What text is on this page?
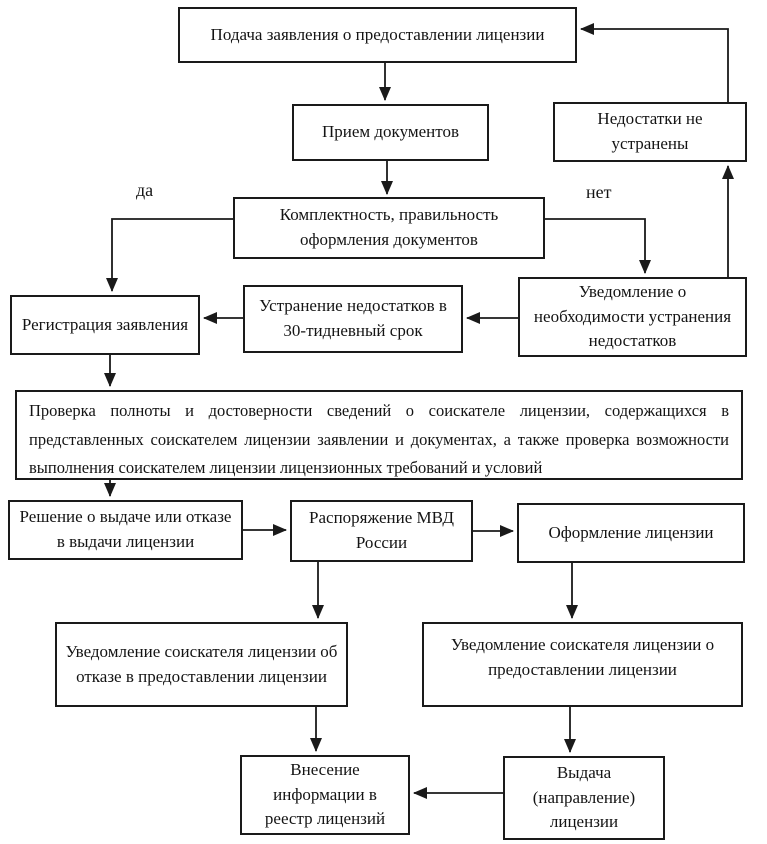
Подача заявления о предоставлении лицензии
Прием документов
Недостатки не устранены
Комплектность, правильность оформления документов
Регистрация заявления
Устранение недостатков в 30-тидневный срок
Уведомление о необходимости устранения недостатков
Проверка полноты и достоверности сведений о соискателе лицензии, содержащихся в представленных соискателем лицензии заявлении и документах, а также проверка возможности выполнения соискателем лицензии лицензионных требований и условий
Решение о выдаче или отказе в выдачи лицензии
Распоряжение МВД России
Оформление лицензии
Уведомление соискателя лицензии об отказе в предоставлении лицензии
Уведомление соискателя лицензии о предоставлении лицензии
Внесение информации в реестр лицензий
Выдача (направление) лицензии
да	нет
